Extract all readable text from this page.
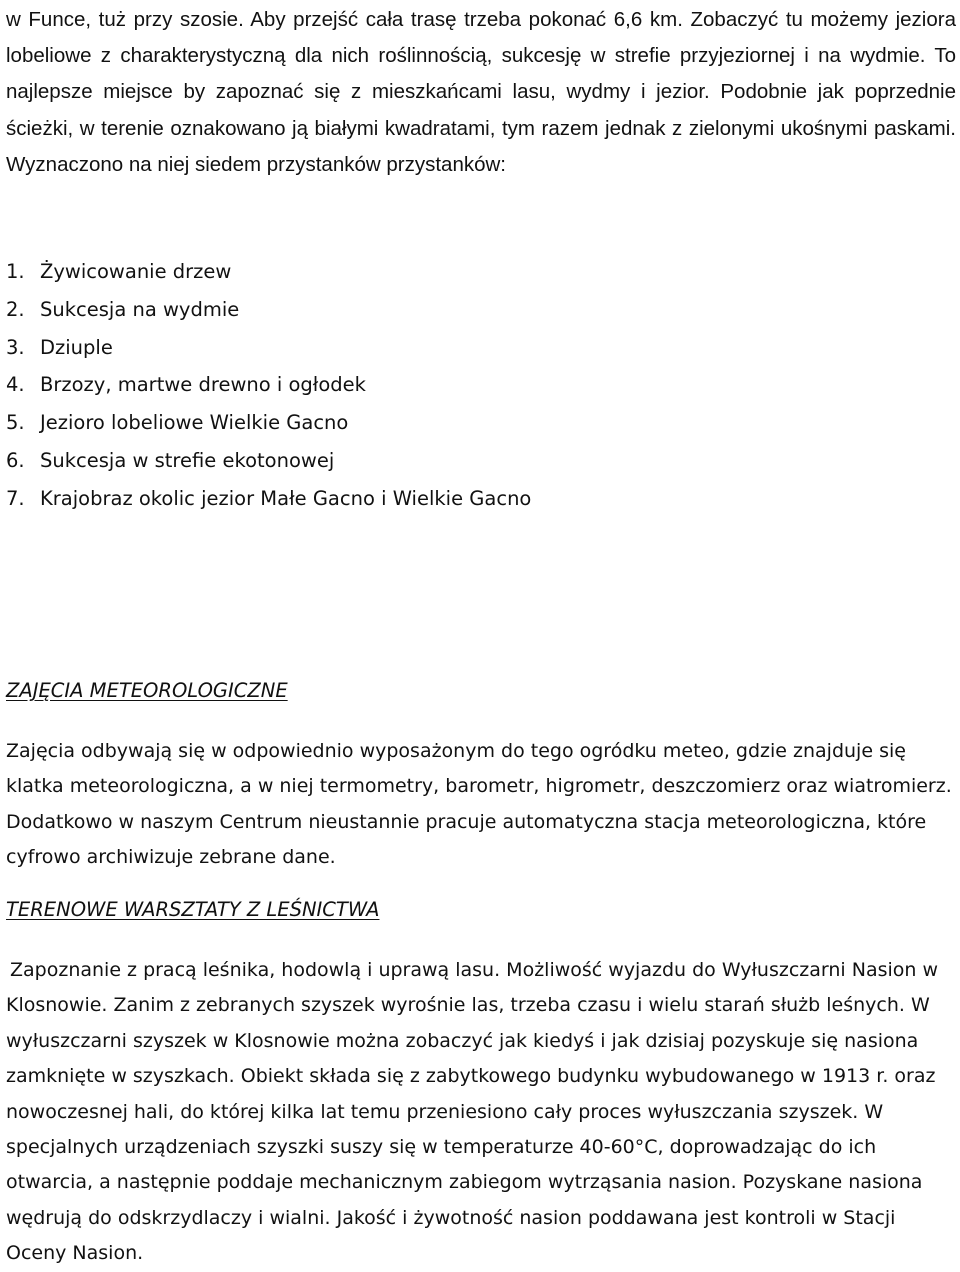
w Funce, tuż przy szosie. Aby przejść cała trasę trzeba pokonać 6,6 km. Zobaczyć tu możemy jeziora lobeliowe z charakterystyczną dla nich roślinnością, sukcesję w strefie przyjeziornej i na wydmie. To najlepsze miejsce by zapoznać się z mieszkańcami lasu, wydmy i jezior. Podobnie jak poprzednie ścieżki, w terenie oznakowano ją białymi kwadratami, tym razem jednak z zielonymi ukośnymi paskami. Wyznaczono na niej siedem przystanków przystanków:

1. Żywicowanie drzew
2. Sukcesja na wydmie
3. Dziuple
4. Brzozy, martwe drewno i ogłodek
5. Jezioro lobeliowe Wielkie Gacno
6. Sukcesja w strefie ekotonowej
7. Krajobraz okolic jezior Małe Gacno i Wielkie Gacno
ZAJĘCIA METEOROLOGICZNE

Zajęcia odbywają się w odpowiednio wyposażonym do tego ogródku meteo, gdzie znajduje się klatka meteorologiczna, a w niej termometry, barometr, higrometr, deszczomierz oraz wiatromierz. Dodatkowo w naszym Centrum nieustannie pracuje automatyczna stacja meteorologiczna, które cyfrowo archiwizuje zebrane dane.

TERENOWE WARSZTATY Z LEŚNICTWA

Zapoznanie z pracą leśnika, hodowlą i uprawą lasu. Możliwość wyjazdu do Wyłuszczarni Nasion w Klosnowie. Zanim z zebranych szyszek wyrośnie las, trzeba czasu i wielu starań służb leśnych. W wyłuszczarni szyszek w Klosnowie można zobaczyć jak kiedyś i jak dzisiaj pozyskuje się nasiona zamknięte w szyszkach. Obiekt składa się z zabytkowego budynku wybudowanego w 1913 r. oraz nowoczesnej hali, do której kilka lat temu przeniesiono cały proces wyłuszczania szyszek. W specjalnych urządzeniach szyszki suszy się w temperaturze 40-60°C, doprowadzając do ich otwarcia, a następnie poddaje mechanicznym zabiegom wytrząsania nasion. Pozyskane nasiona wędrują do odskrzydlaczy i wialni. Jakość i żywotność nasion poddawana jest kontroli w Stacji Oceny Nasion.
